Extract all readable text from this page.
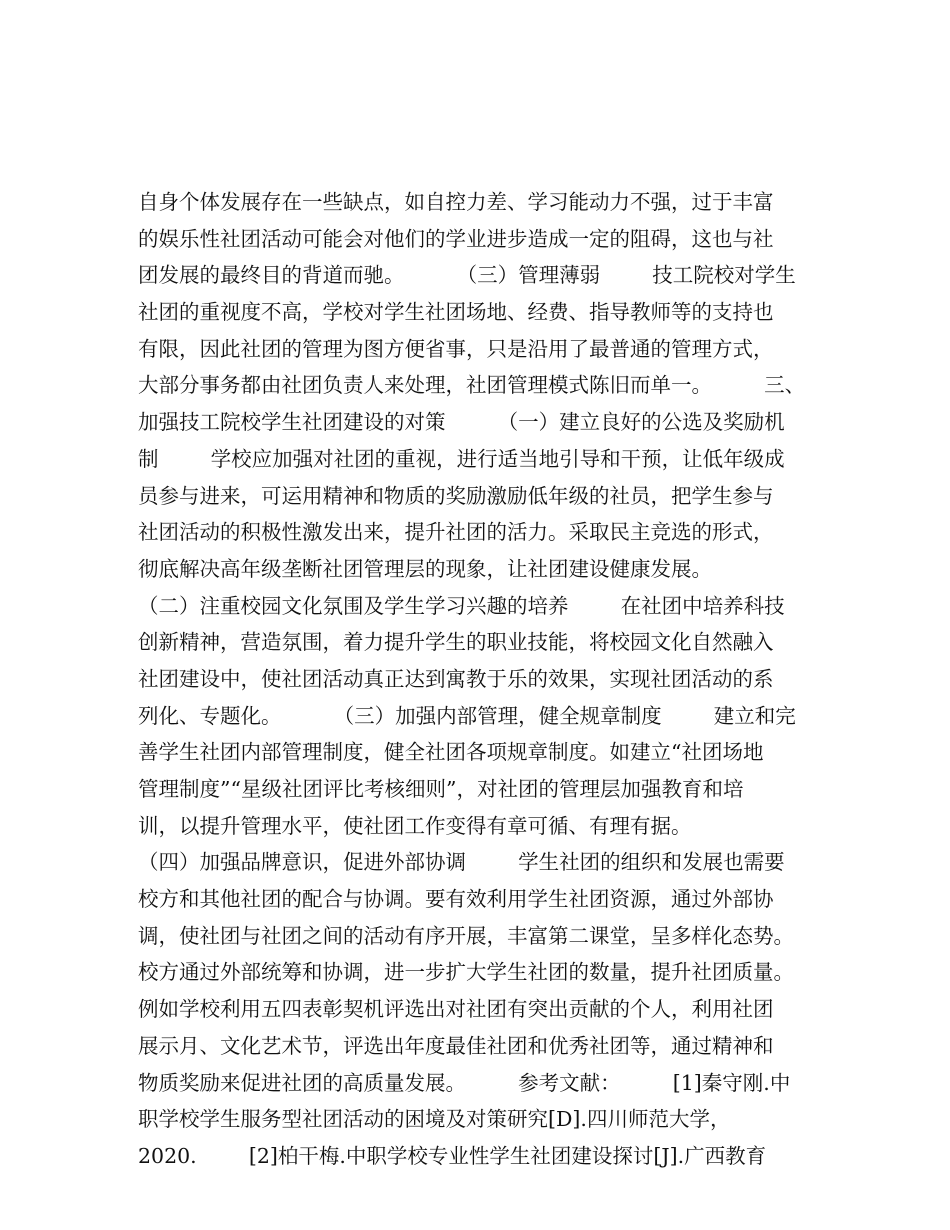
自身个体发展存在一些缺点，如自控力差、学习能动力不强，过于丰富
的娱乐性社团活动可能会对他们的学业进步造成一定的阻碍，这也与社
团发展的最终目的背道而驰。        （三）管理薄弱        技工院校对学生
社团的重视度不高，学校对学生社团场地、经费、指导教师等的支持也
有限，因此社团的管理为图方便省事，只是沿用了最普通的管理方式，
大部分事务都由社团负责人来处理，社团管理模式陈旧而单一。        三、
加强技工院校学生社团建设的对策        （一）建立良好的公选及奖励机
制        学校应加强对社团的重视，进行适当地引导和干预，让低年级成
员参与进来，可运用精神和物质的奖励激励低年级的社员，把学生参与
社团活动的积极性激发出来，提升社团的活力。采取民主竞选的形式，
彻底解决高年级垄断社团管理层的现象，让社团建设健康发展。
（二）注重校园文化氛围及学生学习兴趣的培养        在社团中培养科技
创新精神，营造氛围，着力提升学生的职业技能，将校园文化自然融入
社团建设中，使社团活动真正达到寓教于乐的效果，实现社团活动的系
列化、专题化。        （三）加强内部管理，健全规章制度        建立和完
善学生社团内部管理制度，健全社团各项规章制度。如建立“社团场地
管理制度”“星级社团评比考核细则”，对社团的管理层加强教育和培
训，以提升管理水平，使社团工作变得有章可循、有理有据。
（四）加强品牌意识，促进外部协调        学生社团的组织和发展也需要
校方和其他社团的配合与协调。要有效利用学生社团资源，通过外部协
调，使社团与社团之间的活动有序开展，丰富第二课堂，呈多样化态势。
校方通过外部统筹和协调，进一步扩大学生社团的数量，提升社团质量。
例如学校利用五四表彰契机评选出对社团有突出贡献的个人，利用社团
展示月、文化艺术节，评选出年度最佳社团和优秀社团等，通过精神和
物质奖励来促进社团的高质量发展。        参考文献：        [1]秦守刚.中
职学校学生服务型社团活动的困境及对策研究[D].四川师范大学，
2020.        [2]柏干梅.中职学校专业性学生社团建设探讨[J].广西教育
